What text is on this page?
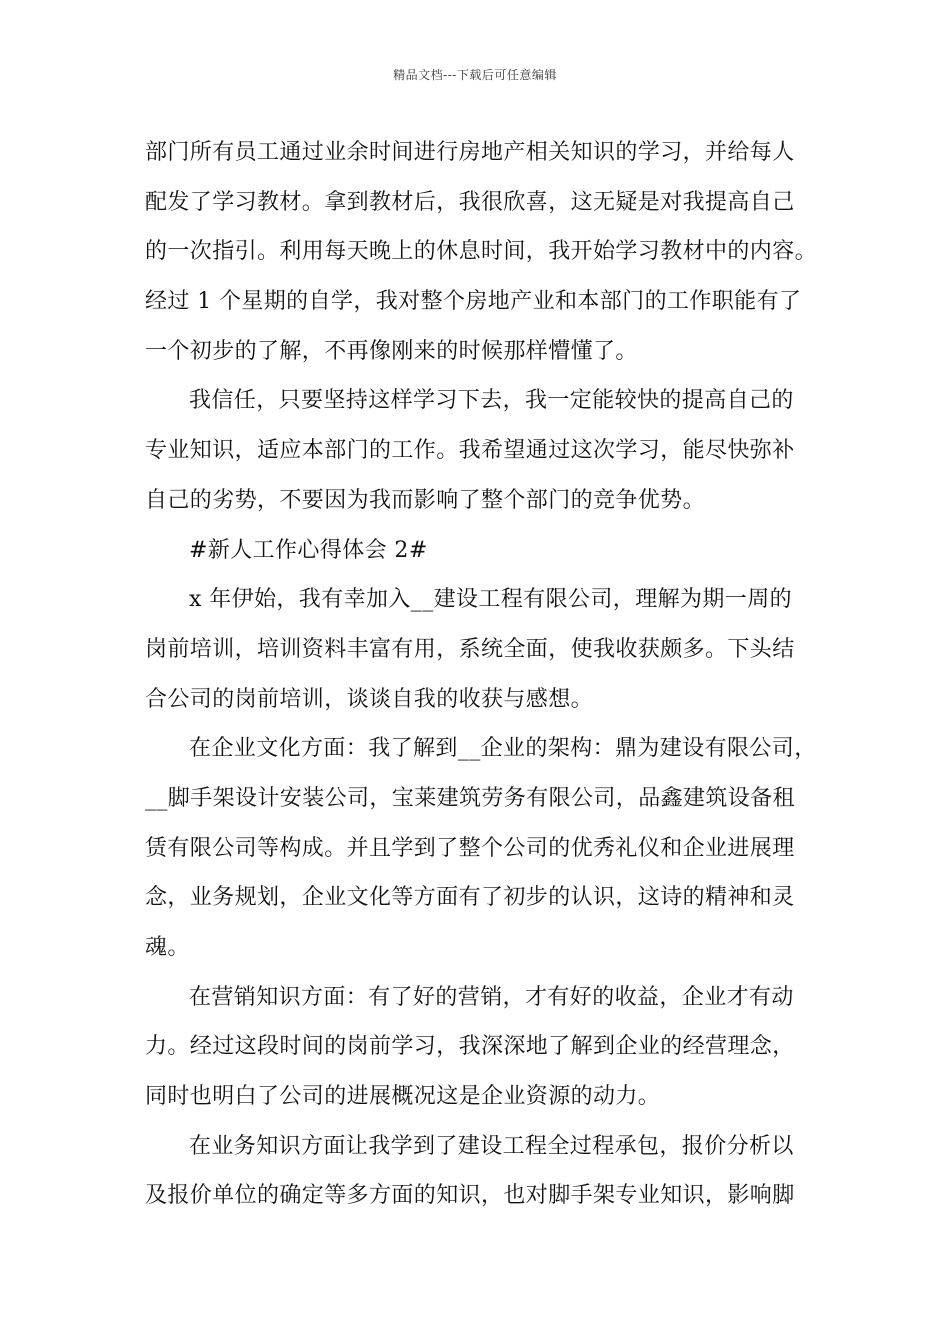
精品文档---下载后可任意编辑
部门所有员工通过业余时间进行房地产相关知识的学习，并给每人
配发了学习教材。拿到教材后，我很欣喜，这无疑是对我提高自己
的一次指引。利用每天晚上的休息时间，我开始学习教材中的内容。
经过 1 个星期的自学，我对整个房地产业和本部门的工作职能有了
一个初步的了解，不再像刚来的时候那样懵懂了。
我信任，只要坚持这样学习下去，我一定能较快的提高自己的
专业知识，适应本部门的工作。我希望通过这次学习，能尽快弥补
自己的劣势，不要因为我而影响了整个部门的竞争优势。
#新人工作心得体会 2#
x 年伊始，我有幸加入__建设工程有限公司，理解为期一周的
岗前培训，培训资料丰富有用，系统全面，使我收获颇多。下头结
合公司的岗前培训，谈谈自我的收获与感想。
在企业文化方面：我了解到__企业的架构：鼎为建设有限公司，
__脚手架设计安装公司，宝莱建筑劳务有限公司，品鑫建筑设备租
赁有限公司等构成。并且学到了整个公司的优秀礼仪和企业进展理
念，业务规划，企业文化等方面有了初步的认识，这诗的精神和灵
魂。
在营销知识方面：有了好的营销，才有好的收益，企业才有动
力。经过这段时间的岗前学习，我深深地了解到企业的经营理念，
同时也明白了公司的进展概况这是企业资源的动力。
在业务知识方面让我学到了建设工程全过程承包，报价分析以
及报价单位的确定等多方面的知识，也对脚手架专业知识，影响脚
